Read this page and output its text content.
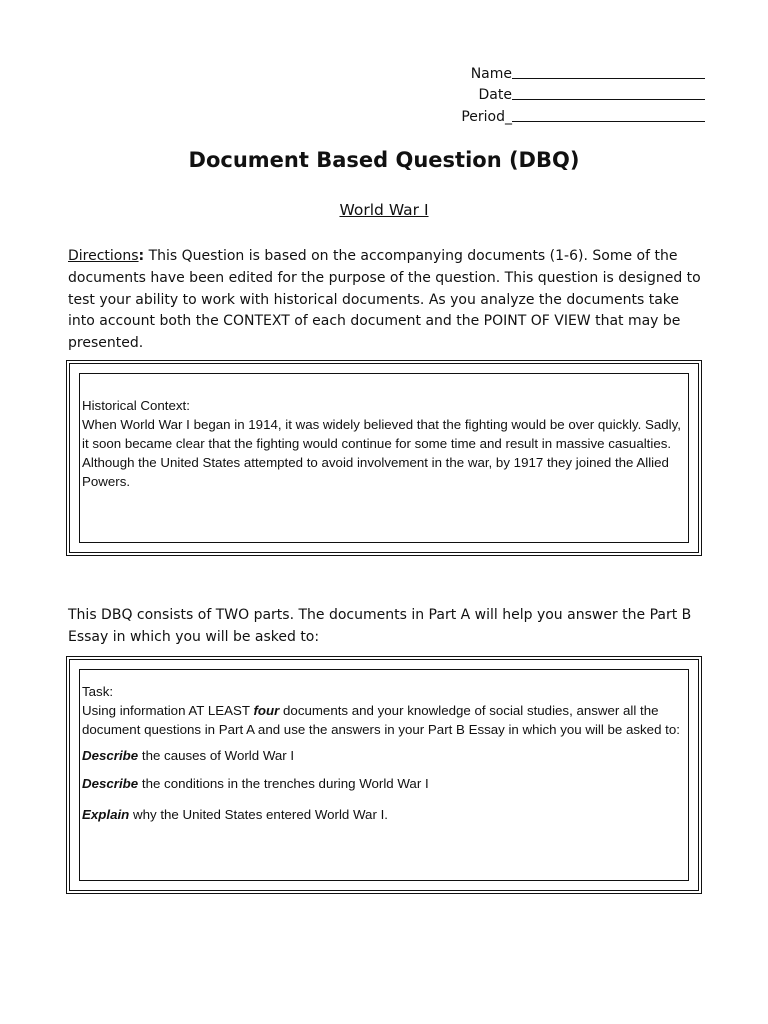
Name
Date
Period_
Document Based Question (DBQ)
World War I
Directions: This Question is based on the accompanying documents (1-6). Some of the documents have been edited for the purpose of the question. This question is designed to test your ability to work with historical documents. As you analyze the documents take into account both the CONTEXT of each document and the POINT OF VIEW that may be presented.
Historical Context:
When World War I began in 1914, it was widely believed that the fighting would be over quickly. Sadly, it soon became clear that the fighting would continue for some time and result in massive casualties. Although the United States attempted to avoid involvement in the war, by 1917 they joined the Allied Powers.
This DBQ consists of TWO parts. The documents in Part A will help you answer the Part B Essay in which you will be asked to:
Task:
Using information AT LEAST four documents and your knowledge of social studies, answer all the document questions in Part A and use the answers in your Part B Essay in which you will be asked to:
Describe the causes of World War I
Describe the conditions in the trenches during World War I
Explain why the United States entered World War I.
